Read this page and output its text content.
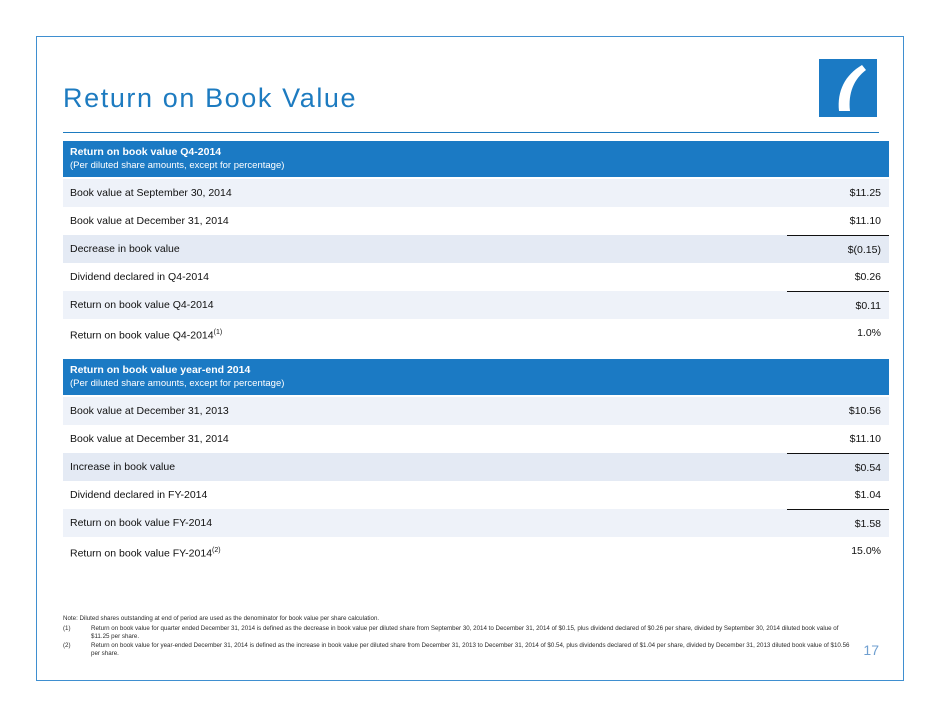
Return on Book Value
Return on book value Q4-2014
(Per diluted share amounts, except for percentage)
Book value at September 30, 2014	$11.25
Book value at December 31, 2014	$11.10
Decrease in book value	$(0.15)
Dividend declared in Q4-2014	$0.26
Return on book value Q4-2014	$0.11
Return on book value Q4-2014$^{(1)}$	1.0%
Return on book value year-end 2014
(Per diluted share amounts, except for percentage)
Book value at December 31, 2013	$10.56
Book value at December 31, 2014	$11.10
Increase in book value	$0.54
Dividend declared in FY-2014	$1.04
Return on book value FY-2014	$1.58
Return on book value FY-2014$^{(2)}$	15.0%
Note: Diluted shares outstanding at end of period are used as the denominator for book value per share calculation.
(1)	Return on book value for quarter ended December 31, 2014 is defined as the decrease in book value per diluted share from September 30, 2014 to December 31, 2014 of $0.15, plus dividend declared of $0.26 per share, divided by September 30, 2014 diluted book value of $11.25 per share.
(2)	Return on book value for year-ended December 31, 2014 is defined as the increase in book value per diluted share from December 31, 2013 to December 31, 2014 of $0.54, plus dividends declared of $1.04 per share, divided by December 31, 2013 diluted book value of $10.56 per share.	17
